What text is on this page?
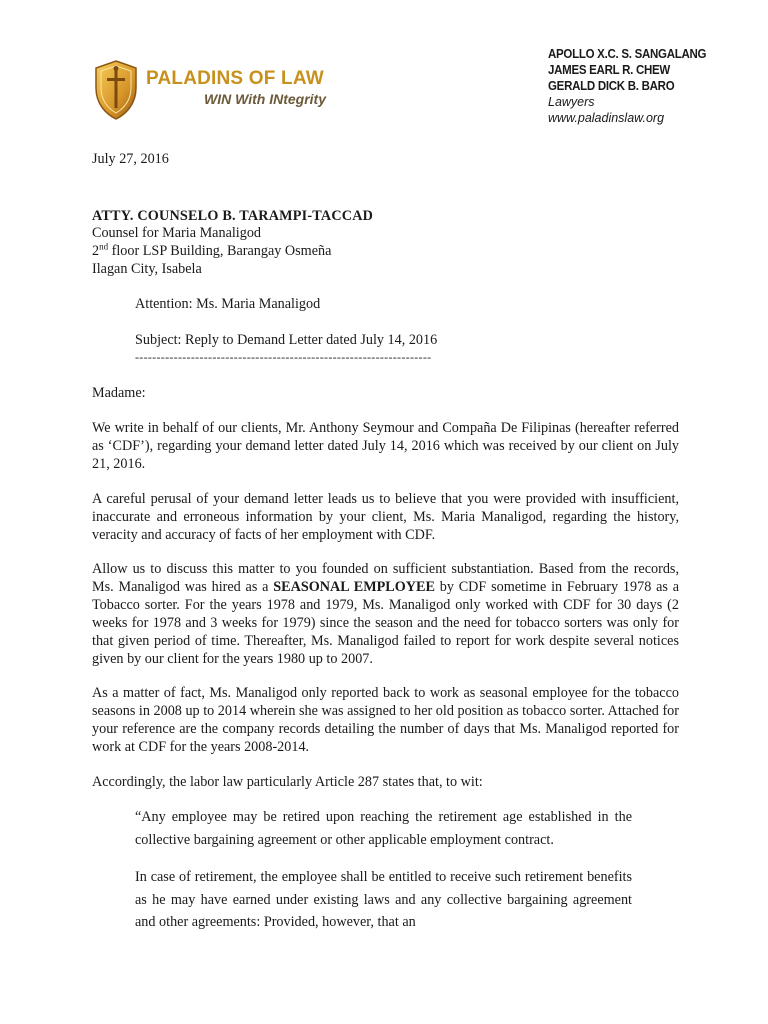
PALADINS OF LAW
WIN With INtegrity
APOLLO X.C. S. SANGALANG
JAMES EARL R. CHEW
GERALD DICK B. BARO
Lawyers
www.paladinslaw.org
July 27, 2016
ATTY. COUNSELO B. TARAMPI-TACCAD
Counsel for Maria Manaligod
2nd floor LSP Building, Barangay Osmeña
Ilagan City, Isabela
Attention: Ms. Maria Manaligod
Subject: Reply to Demand Letter dated July 14, 2016
---------------------------------------------------------------------
Madame:
We write in behalf of our clients, Mr. Anthony Seymour and Compaña De Filipinas (hereafter referred as ‘CDF’), regarding your demand letter dated July 14, 2016 which was received by our client on July 21, 2016.
A careful perusal of your demand letter leads us to believe that you were provided with insufficient, inaccurate and erroneous information by your client, Ms. Maria Manaligod, regarding the history, veracity and accuracy of facts of her employment with CDF.
Allow us to discuss this matter to you founded on sufficient substantiation. Based from the records, Ms. Manaligod was hired as a SEASONAL EMPLOYEE by CDF sometime in February 1978 as a Tobacco sorter. For the years 1978 and 1979, Ms. Manaligod only worked with CDF for 30 days (2 weeks for 1978 and 3 weeks for 1979) since the season and the need for tobacco sorters was only for that given period of time. Thereafter, Ms. Manaligod failed to report for work despite several notices given by our client for the years 1980 up to 2007.
As a matter of fact, Ms. Manaligod only reported back to work as seasonal employee for the tobacco seasons in 2008 up to 2014 wherein she was assigned to her old position as tobacco sorter. Attached for your reference are the company records detailing the number of days that Ms. Manaligod reported for work at CDF for the years 2008-2014.
Accordingly, the labor law particularly Article 287 states that, to wit:
“Any employee may be retired upon reaching the retirement age established in the collective bargaining agreement or other applicable employment contract.
In case of retirement, the employee shall be entitled to receive such retirement benefits as he may have earned under existing laws and any collective bargaining agreement and other agreements: Provided, however, that an
